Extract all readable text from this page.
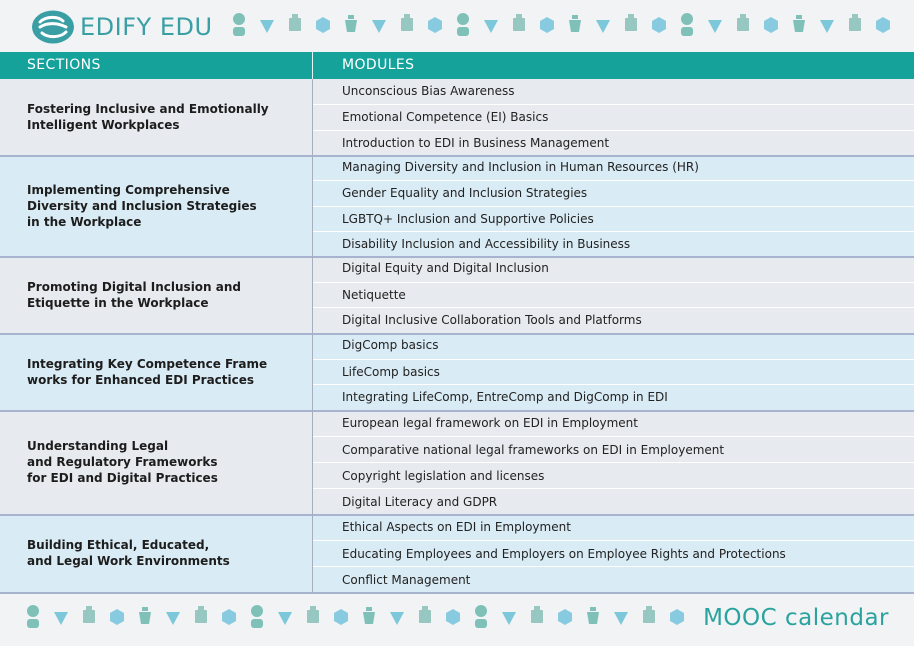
EDIFY EDU
SECTIONS	MODULES
Fostering Inclusive and Emotionally
Intelligent Workplaces
Unconscious Bias Awareness
Emotional Competence (EI) Basics
Introduction to EDI in Business Management
Implementing Comprehensive
Diversity and Inclusion Strategies
in the Workplace
Managing Diversity and Inclusion in Human Resources (HR)
Gender Equality and Inclusion Strategies
LGBTQ+ Inclusion and Supportive Policies
Disability Inclusion and Accessibility in Business
Promoting Digital Inclusion and
Etiquette in the Workplace
Digital Equity and Digital Inclusion
Netiquette
Digital Inclusive Collaboration Tools and Platforms
Integrating Key Competence Frame
works for Enhanced EDI Practices
DigComp basics
LifeComp basics
Integrating LifeComp, EntreComp and DigComp in EDI
Understanding Legal
and Regulatory Frameworks
for EDI and Digital Practices
European legal framework on EDI in Employment
Comparative national legal frameworks on EDI in Employement
Copyright legislation and licenses
Digital Literacy and GDPR
Building Ethical, Educated,
and Legal Work Environments
Ethical Aspects on EDI in Employment
Educating Employees and Employers on Employee Rights and Protections
Conflict Management
MOOC calendar
